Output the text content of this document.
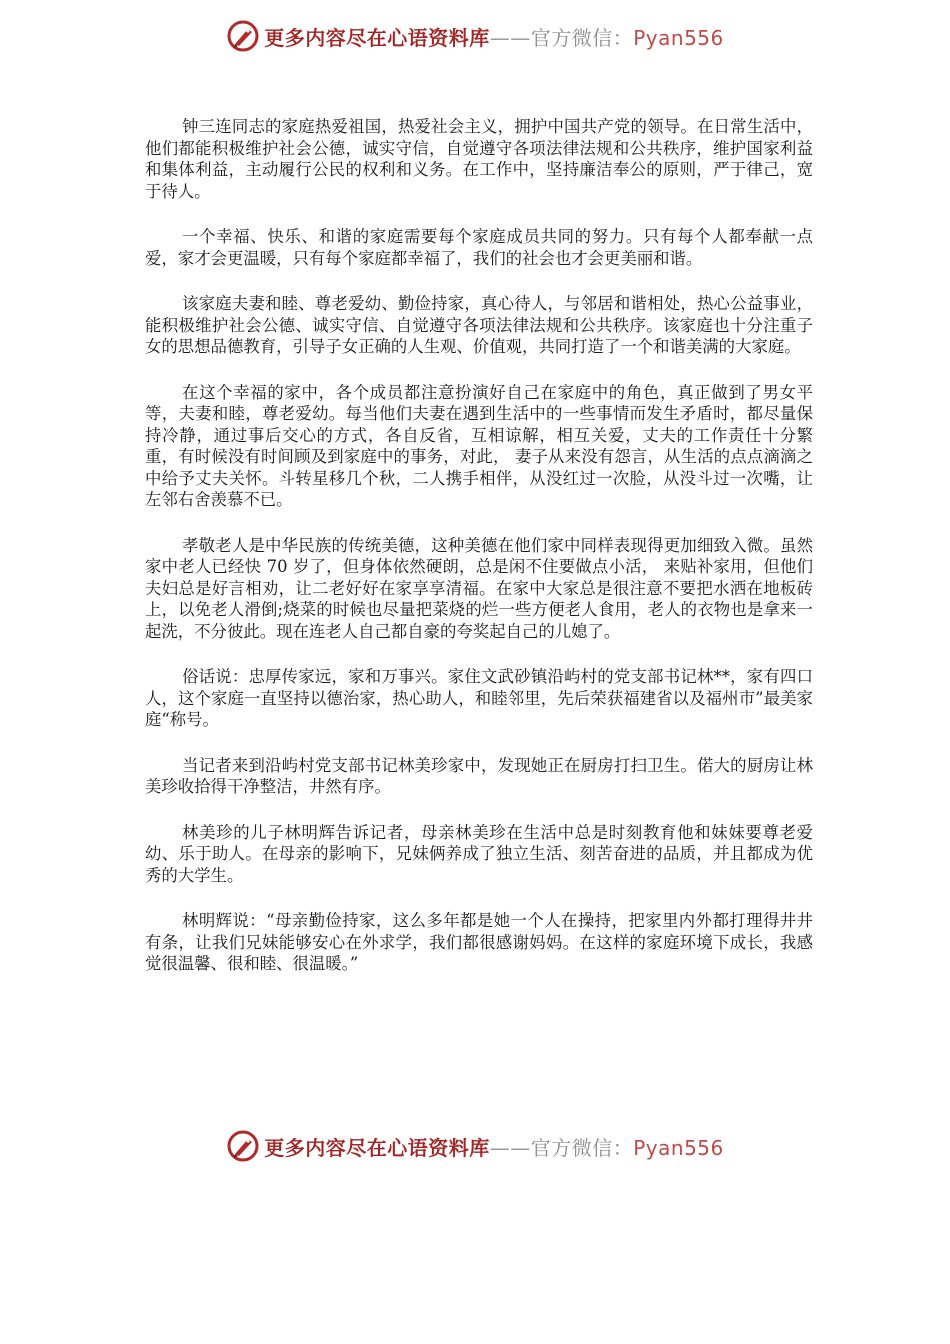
更多内容尽在心语资料库——官方微信：Pyan556

钟三连同志的家庭热爱祖国，热爱社会主义，拥护中国共产党的领导。在日常生活中，他们都能积极维护社会公德，诚实守信，自觉遵守各项法律法规和公共秩序，维护国家利益和集体利益，主动履行公民的权利和义务。在工作中，坚持廉洁奉公的原则，严于律己，宽于待人。

一个幸福、快乐、和谐的家庭需要每个家庭成员共同的努力。只有每个人都奉献一点爱，家才会更温暖，只有每个家庭都幸福了，我们的社会也才会更美丽和谐。

该家庭夫妻和睦、尊老爱幼、勤俭持家，真心待人，与邻居和谐相处，热心公益事业，能积极维护社会公德、诚实守信、自觉遵守各项法律法规和公共秩序。该家庭也十分注重子女的思想品德教育，引导子女正确的人生观、价值观，共同打造了一个和谐美满的大家庭。

在这个幸福的家中，各个成员都注意扮演好自己在家庭中的角色，真正做到了男女平等，夫妻和睦，尊老爱幼。每当他们夫妻在遇到生活中的一些事情而发生矛盾时，都尽量保持冷静，通过事后交心的方式，各自反省，互相谅解，相互关爱，丈夫的工作责任十分繁重，有时候没有时间顾及到家庭中的事务，对此， 妻子从来没有怨言，从生活的点点滴滴之中给予丈夫关怀。斗转星移几个秋，二人携手相伴，从没红过一次脸，从没斗过一次嘴，让左邻右舍羡慕不已。

孝敬老人是中华民族的传统美德，这种美德在他们家中同样表现得更加细致入微。虽然家中老人已经快 70 岁了，但身体依然硬朗，总是闲不住要做点小活， 来贴补家用，但他们夫妇总是好言相劝，让二老好好在家享享清福。在家中大家总是很注意不要把水洒在地板砖上，以免老人滑倒;烧菜的时候也尽量把菜烧的烂一些方便老人食用，老人的衣物也是拿来一起洗，不分彼此。现在连老人自己都自豪的夸奖起自己的儿媳了。

俗话说：忠厚传家远，家和万事兴。家住文武砂镇沿屿村的党支部书记林**，家有四口人，这个家庭一直坚持以德治家，热心助人，和睦邻里，先后荣获福建省以及福州市”最美家庭“称号。

当记者来到沿屿村党支部书记林美珍家中，发现她正在厨房打扫卫生。偌大的厨房让林美珍收拾得干净整洁，井然有序。

林美珍的儿子林明辉告诉记者，母亲林美珍在生活中总是时刻教育他和妹妹要尊老爱幼、乐于助人。在母亲的影响下，兄妹俩养成了独立生活、刻苦奋进的品质，并且都成为优秀的大学生。

林明辉说：“母亲勤俭持家，这么多年都是她一个人在操持，把家里内外都打理得井井有条，让我们兄妹能够安心在外求学，我们都很感谢妈妈。在这样的家庭环境下成长，我感觉很温馨、很和睦、很温暖。”

更多内容尽在心语资料库——官方微信：Pyan556
